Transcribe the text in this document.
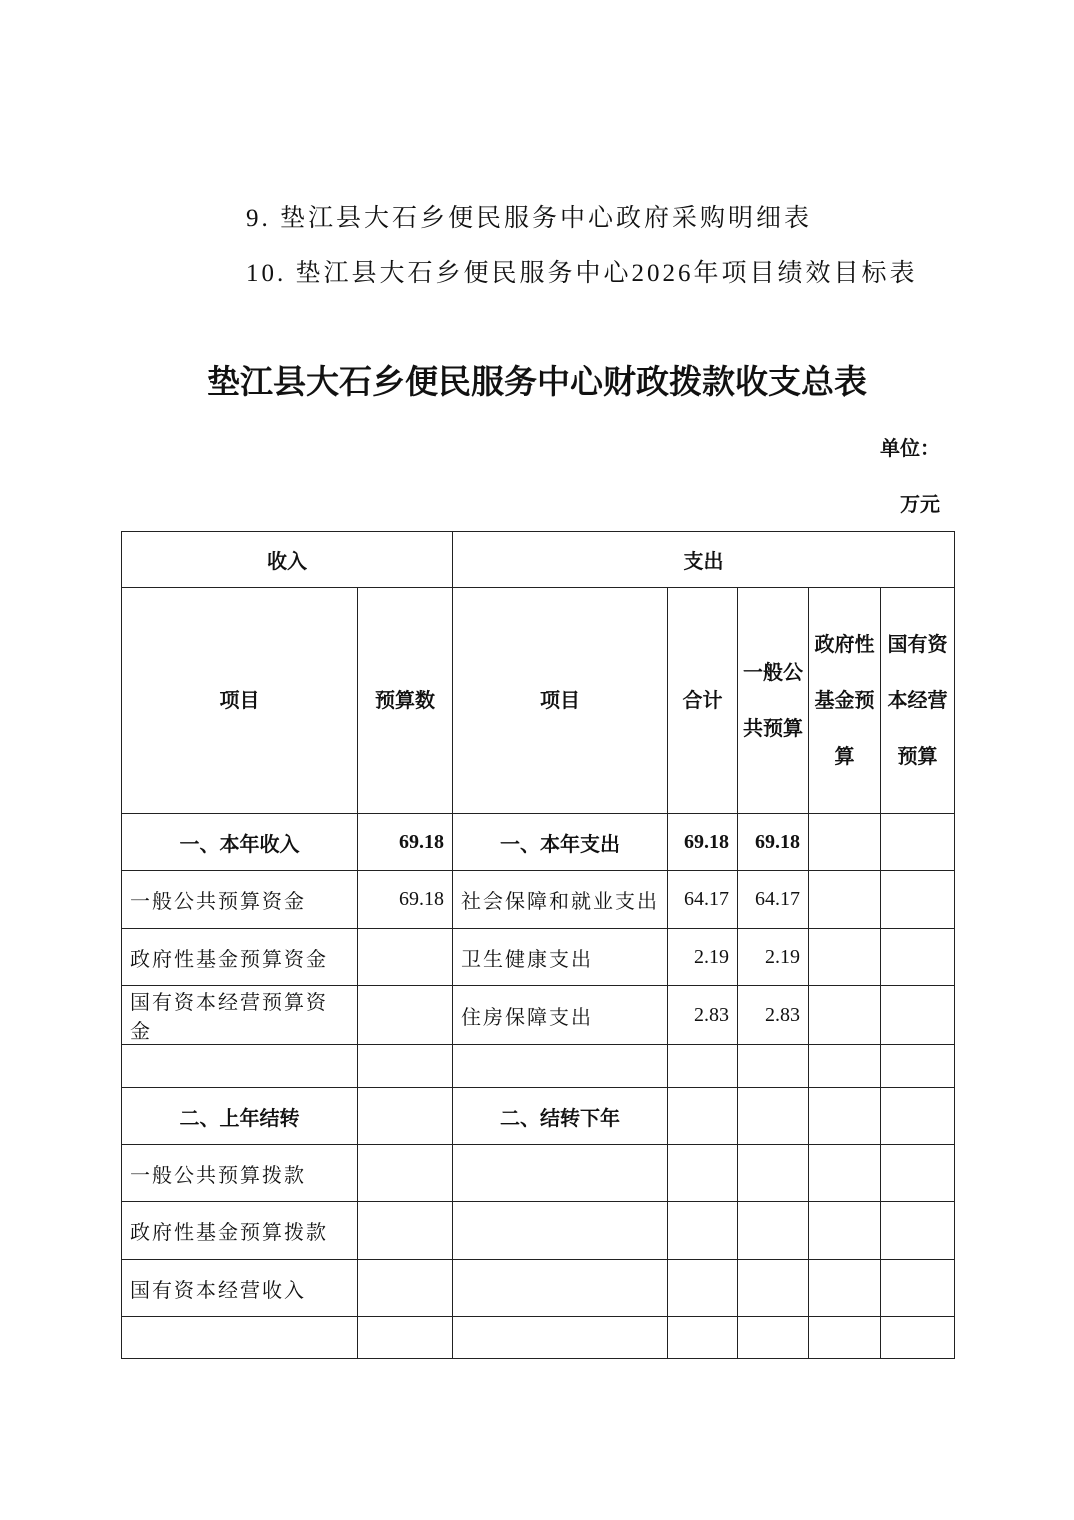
9. 垫江县大石乡便民服务中心政府采购明细表
10. 垫江县大石乡便民服务中心2026年项目绩效目标表
垫江县大石乡便民服务中心财政拨款收支总表
单位：
万元
收入		支出				
项目	预算数	项目	合计	一般公共预算	政府性基金预算	国有资本经营预算
一、本年收入	69.18	一、本年支出	69.18	69.18		
一般公共预算资金	69.18	社会保障和就业支出	64.17	64.17		
政府性基金预算资金		卫生健康支出	2.19	2.19		
国有资本经营预算资金		住房保障支出	2.83	2.83		

二、上年结转		二、结转下年				
一般公共预算拨款						
政府性基金预算拨款						
国有资本经营收入						
